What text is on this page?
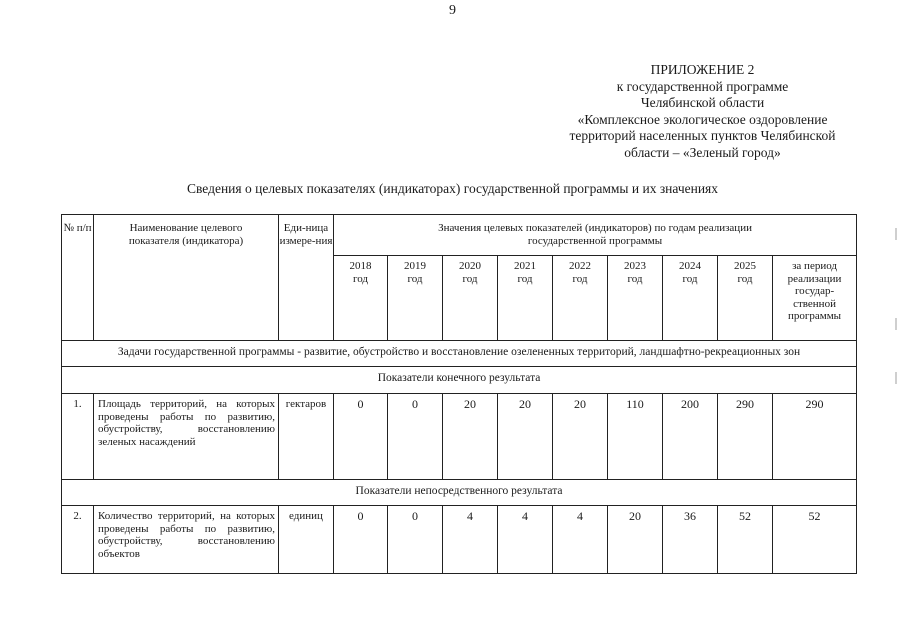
9
ПРИЛОЖЕНИЕ 2
к государственной программе
Челябинской области
«Комплексное экологическое оздоровление
территорий населенных пунктов Челябинской
области – «Зеленый город»
Сведения о целевых показателях (индикаторах) государственной программы и их значениях
№ п/п	Наименование целевого показателя (индикатора)	Еди-ница измере-ния	Значения целевых показателей (индикаторов) по годам реализации государственной программы								
			2018 год	2019 год	2020 год	2021 год	2022 год	2023 год	2024 год	2025 год	за период реализации государ-ственной программы
Задачи государственной программы - развитие, обустройство и восстановление озелененных территорий, ландшафтно-рекреационных зон											
Показатели конечного результата											
1.	Площадь территорий, на которых проведены работы по развитию, обустройству, восстановлению зеленых насаждений	гектаров	0	0	20	20	20	110	200	290	290
Показатели непосредственного результата											
2.	Количество территорий, на которых проведены работы по развитию, обустройству, восстановлению объектов	единиц	0	0	4	4	4	20	36	52	52
